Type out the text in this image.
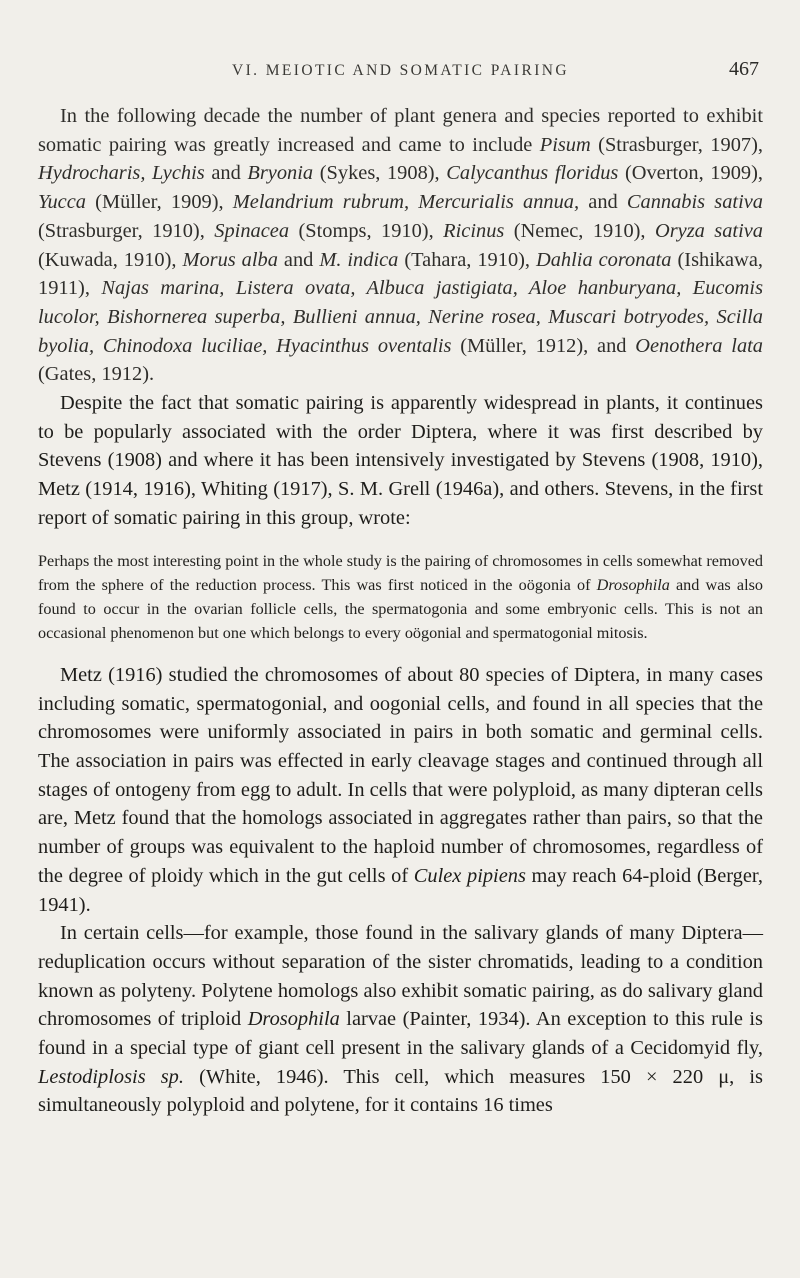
VI. MEIOTIC AND SOMATIC PAIRING	467

In the following decade the number of plant genera and species reported to exhibit somatic pairing was greatly increased and came to include Pisum (Strasburger, 1907), Hydrocharis, Lychis and Bryonia (Sykes, 1908), Calycanthus floridus (Overton, 1909), Yucca (Müller, 1909), Melandrium rubrum, Mercurialis annua, and Cannabis sativa (Strasburger, 1910), Spinacea (Stomps, 1910), Ricinus (Nemec, 1910), Oryza sativa (Kuwada, 1910), Morus alba and M. indica (Tahara, 1910), Dahlia coronata (Ishikawa, 1911), Najas marina, Listera ovata, Albuca jastigiata, Aloe hanburyana, Eucomis lucolor, Bishornerea superba, Bullieni annua, Nerine rosea, Muscari botryodes, Scilla byolia, Chinodoxa luciliae, Hyacinthus oventalis (Müller, 1912), and Oenothera lata (Gates, 1912).

Despite the fact that somatic pairing is apparently widespread in plants, it continues to be popularly associated with the order Diptera, where it was first described by Stevens (1908) and where it has been intensively investigated by Stevens (1908, 1910), Metz (1914, 1916), Whiting (1917), S. M. Grell (1946a), and others. Stevens, in the first report of somatic pairing in this group, wrote:

Perhaps the most interesting point in the whole study is the pairing of chromosomes in cells somewhat removed from the sphere of the reduction process. This was first noticed in the oögonia of Drosophila and was also found to occur in the ovarian follicle cells, the spermatogonia and some embryonic cells. This is not an occasional phenomenon but one which belongs to every oögonial and spermatogonial mitosis.

Metz (1916) studied the chromosomes of about 80 species of Diptera, in many cases including somatic, spermatogonial, and oogonial cells, and found in all species that the chromosomes were uniformly associated in pairs in both somatic and germinal cells. The association in pairs was effected in early cleavage stages and continued through all stages of ontogeny from egg to adult. In cells that were polyploid, as many dipteran cells are, Metz found that the homologs associated in aggregates rather than pairs, so that the number of groups was equivalent to the haploid number of chromosomes, regardless of the degree of ploidy which in the gut cells of Culex pipiens may reach 64-ploid (Berger, 1941).

In certain cells—for example, those found in the salivary glands of many Diptera—reduplication occurs without separation of the sister chromatids, leading to a condition known as polyteny. Polytene homologs also exhibit somatic pairing, as do salivary gland chromosomes of triploid Drosophila larvae (Painter, 1934). An exception to this rule is found in a special type of giant cell present in the salivary glands of a Cecidomyid fly, Lestodiplosis sp. (White, 1946). This cell, which measures 150 × 220 μ, is simultaneously polyploid and polytene, for it contains 16 times
